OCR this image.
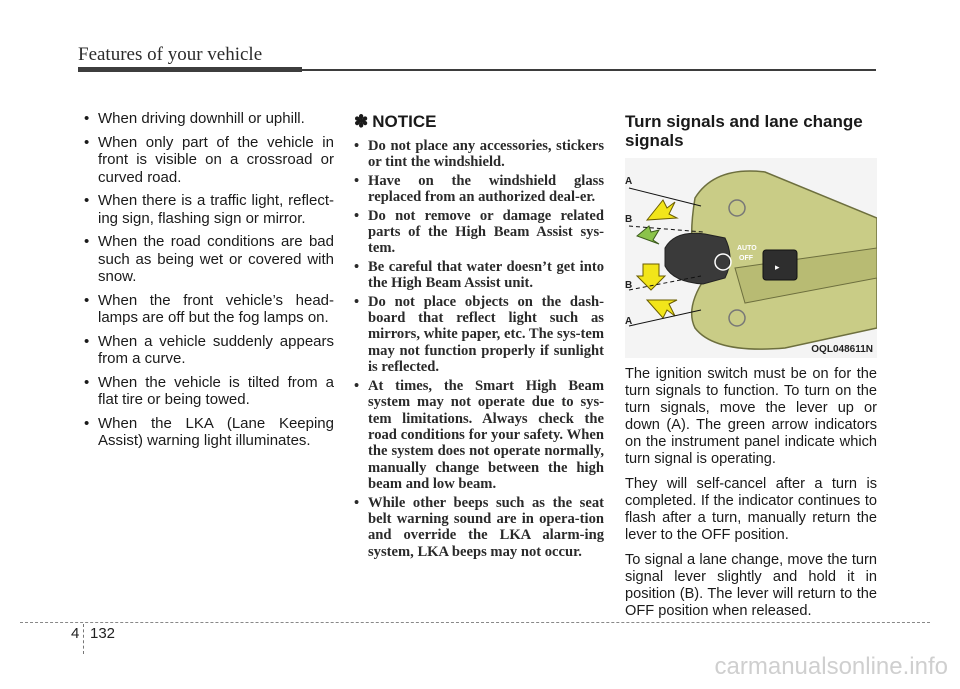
Features of your vehicle
• When driving downhill or uphill.
• When only part of the vehicle in front is visible on a crossroad or curved road.
• When there is a traffic light, reflect-ing sign, flashing sign or mirror.
• When the road conditions are bad such as being wet or covered with snow.
• When the front vehicle’s head-lamps are off but the fog lamps on.
• When a vehicle suddenly appears from a curve.
• When the vehicle is tilted from a flat tire or being towed.
• When the LKA (Lane Keeping Assist) warning light illuminates.
✽ NOTICE
• Do not place any accessories, stickers or tint the windshield.
• Have on the windshield glass replaced from an authorized deal-er.
• Do not remove or damage related parts of the High Beam Assist sys-tem.
• Be careful that water doesn’t get into the High Beam Assist unit.
• Do not place objects on the dash-board that reflect light such as mirrors, white paper, etc. The sys-tem may not function properly if sunlight is reflected.
• At times, the Smart High Beam system may not operate due to sys-tem limitations. Always check the road conditions for your safety. When the system does not operate normally, manually change between the high beam and low beam.
• While other beeps such as the seat belt warning sound are in opera-tion and override the LKA alarm-ing system, LKA beeps may not occur.
Turn signals and lane change signals
▸
AUTO
OFF
A
B
B
A
OQL048611N

The ignition switch must be on for the turn signals to function. To turn on the turn signals, move the lever up or down (A). The green arrow indicators on the instrument panel indicate which turn signal is operating.

They will self-cancel after a turn is completed. If the indicator continues to flash after a turn, manually return the lever to the OFF position.

To signal a lane change, move the turn signal lever slightly and hold it in position (B). The lever will return to the OFF position when released.

4 132
carmanualsonline.info
